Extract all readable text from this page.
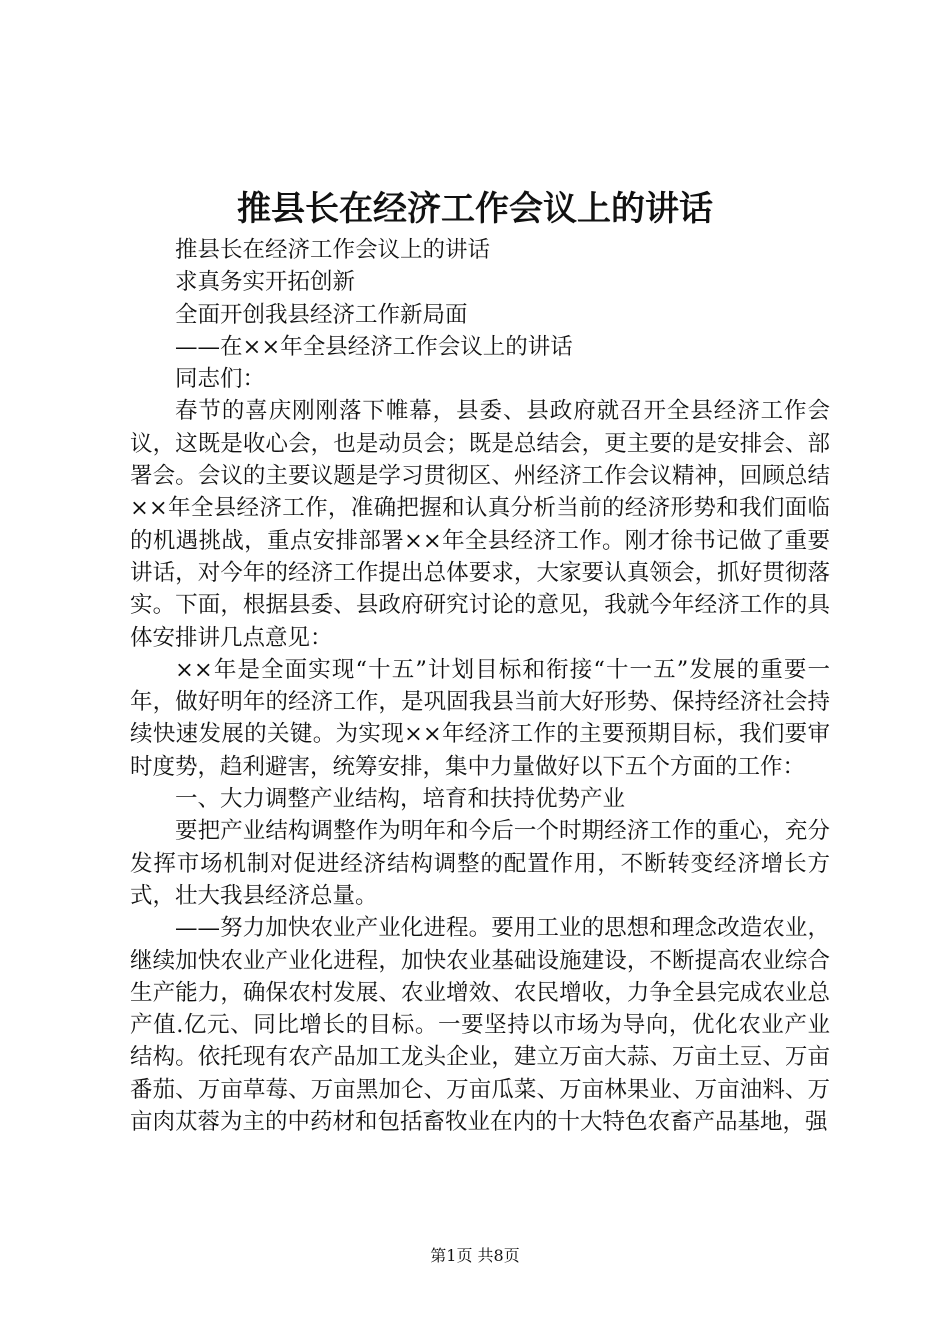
推县长在经济工作会议上的讲话

推县长在经济工作会议上的讲话

求真务实开拓创新

全面开创我县经济工作新局面

——在××年全县经济工作会议上的讲话

同志们：

春节的喜庆刚刚落下帷幕，县委、县政府就召开全县经济工作会议，这既是收心会，也是动员会；既是总结会，更主要的是安排会、部署会。会议的主要议题是学习贯彻区、州经济工作会议精神，回顾总结××年全县经济工作，准确把握和认真分析当前的经济形势和我们面临的机遇挑战，重点安排部署××年全县经济工作。刚才徐书记做了重要讲话，对今年的经济工作提出总体要求，大家要认真领会，抓好贯彻落实。下面，根据县委、县政府研究讨论的意见，我就今年经济工作的具体安排讲几点意见：

××年是全面实现“十五”计划目标和衔接“十一五”发展的重要一年，做好明年的经济工作，是巩固我县当前大好形势、保持经济社会持续快速发展的关键。为实现××年经济工作的主要预期目标，我们要审时度势，趋利避害，统筹安排，集中力量做好以下五个方面的工作：

一、大力调整产业结构，培育和扶持优势产业

要把产业结构调整作为明年和今后一个时期经济工作的重心，充分发挥市场机制对促进经济结构调整的配置作用，不断转变经济增长方式，壮大我县经济总量。

——努力加快农业产业化进程。要用工业的思想和理念改造农业，继续加快农业产业化进程，加快农业基础设施建设，不断提高农业综合生产能力，确保农村发展、农业增效、农民增收，力争全县完成农业总产值.亿元、同比增长的目标。一要坚持以市场为导向，优化农业产业结构。依托现有农产品加工龙头企业，建立万亩大蒜、万亩土豆、万亩番茄、万亩草莓、万亩黑加仑、万亩瓜菜、万亩林果业、万亩油料、万亩肉苁蓉为主的中药材和包括畜牧业在内的十大特色农畜产品基地，强

第1页 共8页
